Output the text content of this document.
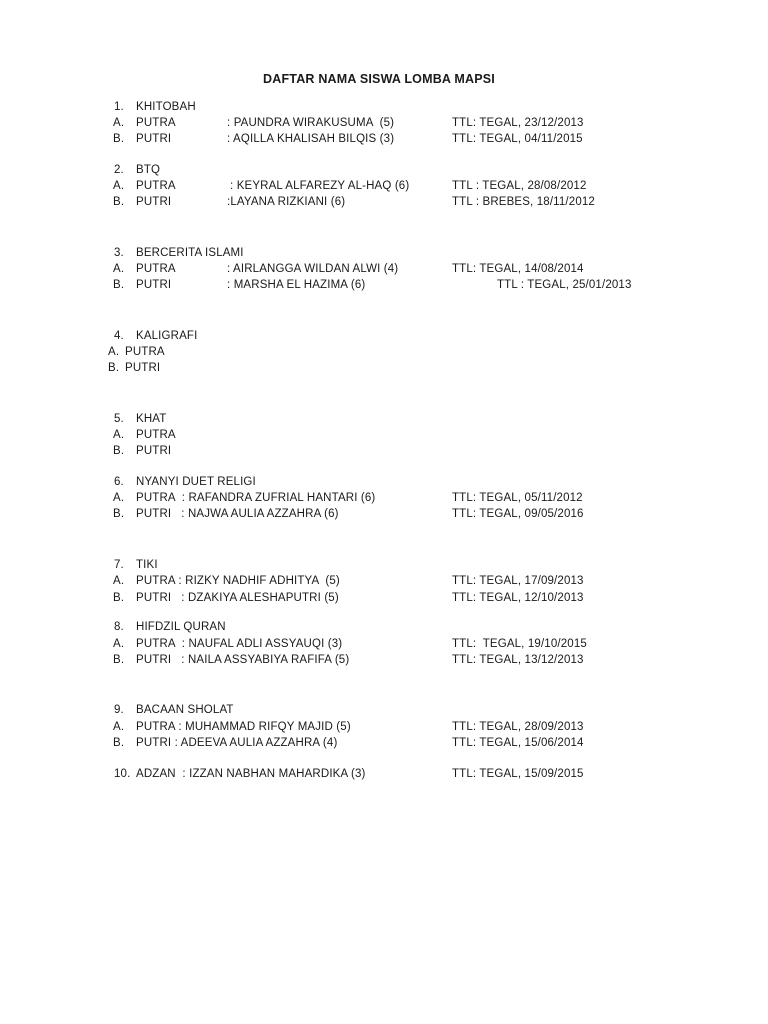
DAFTAR NAMA SISWA LOMBA MAPSI
1. KHITOBAH
A. PUTRA	: PAUNDRA WIRAKUSUMA  (5)	TTL: TEGAL, 23/12/2013
B. PUTRI	: AQILLA KHALISAH BILQIS (3)	TTL: TEGAL, 04/11/2015
2. BTQ
A. PUTRA	: KEYRAL ALFAREZY AL-HAQ (6)	TTL : TEGAL, 28/08/2012
B. PUTRI	:LAYANA RIZKIANI (6)	TTL : BREBES, 18/11/2012
3. BERCERITA ISLAMI
A. PUTRA	: AIRLANGGA WILDAN ALWI (4)	TTL: TEGAL, 14/08/2014
B. PUTRI	: MARSHA EL HAZIMA (6)	TTL : TEGAL, 25/01/2013
4. KALIGRAFI
A. PUTRA
B. PUTRI
5. KHAT
A. PUTRA
B. PUTRI
6. NYANYI DUET RELIGI
A. PUTRA  : RAFANDRA ZUFRIAL HANTARI (6)	TTL: TEGAL, 05/11/2012
B. PUTRI   : NAJWA AULIA AZZAHRA (6)	TTL: TEGAL, 09/05/2016
7. TIKI
A. PUTRA : RIZKY NADHIF ADHITYA  (5)	TTL: TEGAL, 17/09/2013
B. PUTRI   : DZAKIYA ALESHAPUTRI (5)	TTL: TEGAL, 12/10/2013
8. HIFDZIL QURAN
A. PUTRA  : NAUFAL ADLI ASSYAUQI (3)	TTL:  TEGAL, 19/10/2015
B. PUTRI   : NAILA ASSYABIYA RAFIFA (5)	TTL: TEGAL, 13/12/2013
9. BACAAN SHOLAT
A. PUTRA : MUHAMMAD RIFQY MAJID (5)	TTL: TEGAL, 28/09/2013
B. PUTRI : ADEEVA AULIA AZZAHRA (4)	TTL: TEGAL, 15/06/2014
10. ADZAN  : IZZAN NABHAN MAHARDIKA (3)	TTL: TEGAL, 15/09/2015
